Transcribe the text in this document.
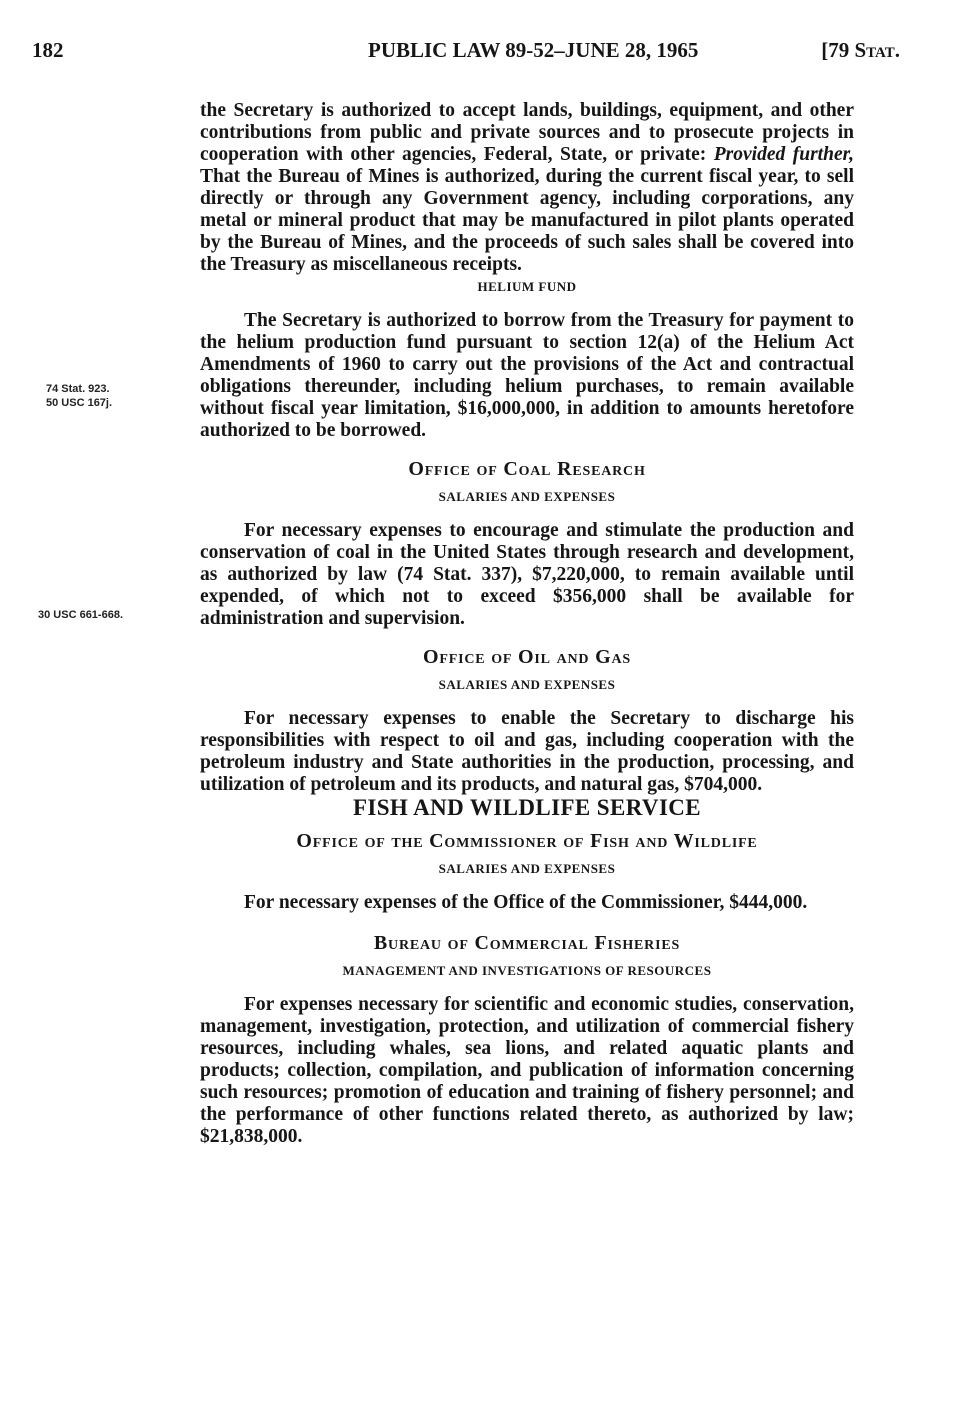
182	PUBLIC LAW 89-52–JUNE 28, 1965	[79 Stat.
74 Stat. 923.
50 USC 167j.
30 USC 661-668.

the Secretary is authorized to accept lands, buildings, equipment, and other contributions from public and private sources and to prosecute projects in cooperation with other agencies, Federal, State, or private: Provided further, That the Bureau of Mines is authorized, during the current fiscal year, to sell directly or through any Government agency, including corporations, any metal or mineral product that may be manufactured in pilot plants operated by the Bureau of Mines, and the proceeds of such sales shall be covered into the Treasury as miscellaneous receipts.

HELIUM FUND

The Secretary is authorized to borrow from the Treasury for payment to the helium production fund pursuant to section 12(a) of the Helium Act Amendments of 1960 to carry out the provisions of the Act and contractual obligations thereunder, including helium purchases, to remain available without fiscal year limitation, $16,000,000, in addition to amounts heretofore authorized to be borrowed.

Office of Coal Research
SALARIES AND EXPENSES

For necessary expenses to encourage and stimulate the production and conservation of coal in the United States through research and development, as authorized by law (74 Stat. 337), $7,220,000, to remain available until expended, of which not to exceed $356,000 shall be available for administration and supervision.

Office of Oil and Gas
SALARIES AND EXPENSES

For necessary expenses to enable the Secretary to discharge his responsibilities with respect to oil and gas, including cooperation with the petroleum industry and State authorities in the production, processing, and utilization of petroleum and its products, and natural gas, $704,000.

FISH AND WILDLIFE SERVICE
Office of the Commissioner of Fish and Wildlife
SALARIES AND EXPENSES

For necessary expenses of the Office of the Commissioner, $444,000.

Bureau of Commercial Fisheries
MANAGEMENT AND INVESTIGATIONS OF RESOURCES

For expenses necessary for scientific and economic studies, conservation, management, investigation, protection, and utilization of commercial fishery resources, including whales, sea lions, and related aquatic plants and products; collection, compilation, and publication of information concerning such resources; promotion of education and training of fishery personnel; and the performance of other functions related thereto, as authorized by law; $21,838,000.
